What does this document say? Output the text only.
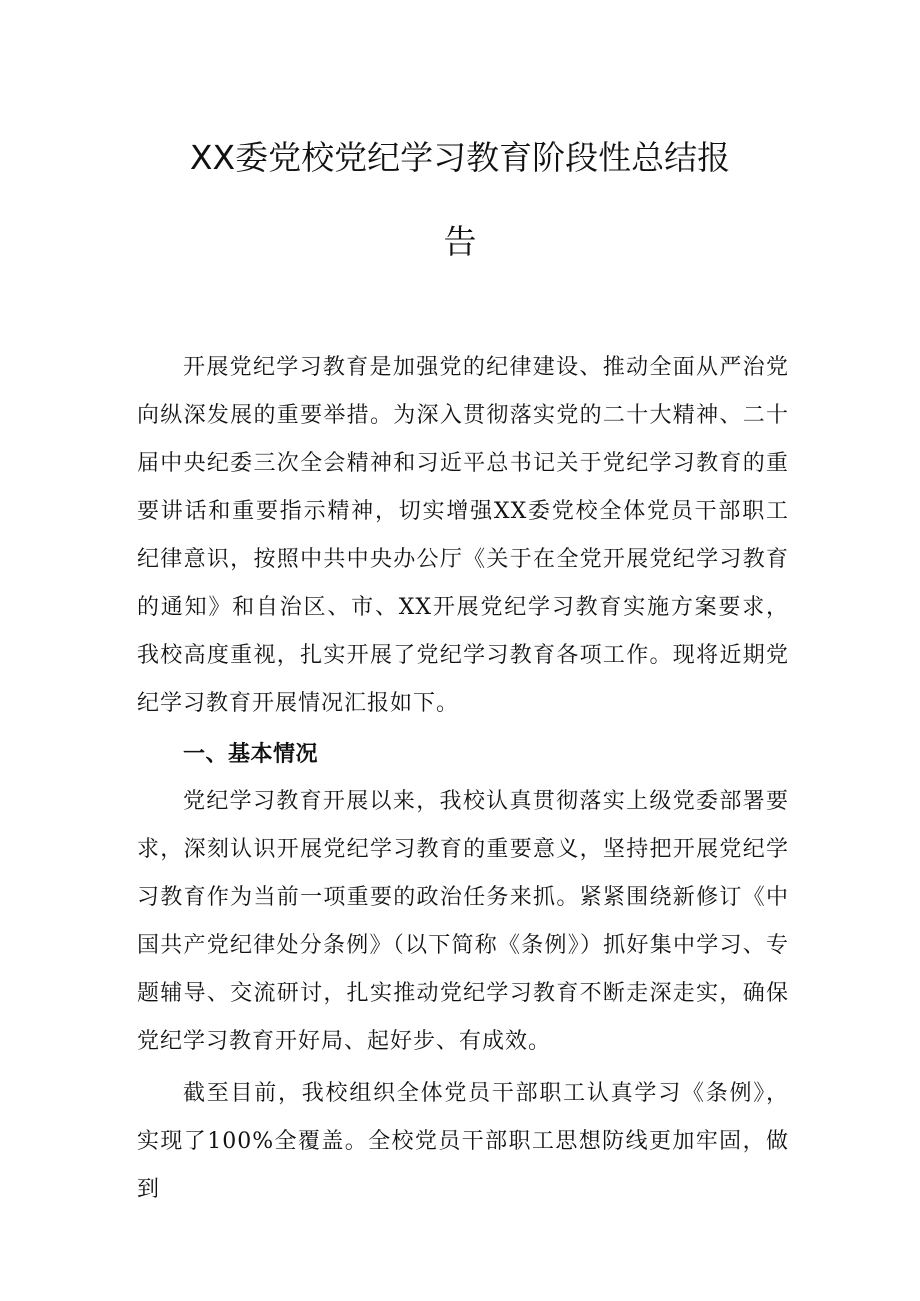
XX委党校党纪学习教育阶段性总结报
告

开展党纪学习教育是加强党的纪律建设、推动全面从严治党向纵深发展的重要举措。为深入贯彻落实党的二十大精神、二十届中央纪委三次全会精神和习近平总书记关于党纪学习教育的重要讲话和重要指示精神，切实增强XX委党校全体党员干部职工纪律意识，按照中共中央办公厅《关于在全党开展党纪学习教育的通知》和自治区、市、XX开展党纪学习教育实施方案要求，我校高度重视，扎实开展了党纪学习教育各项工作。现将近期党纪学习教育开展情况汇报如下。

一、基本情况

党纪学习教育开展以来，我校认真贯彻落实上级党委部署要求，深刻认识开展党纪学习教育的重要意义，坚持把开展党纪学习教育作为当前一项重要的政治任务来抓。紧紧围绕新修订《中国共产党纪律处分条例》（以下简称《条例》）抓好集中学习、专题辅导、交流研讨，扎实推动党纪学习教育不断走深走实，确保党纪学习教育开好局、起好步、有成效。

截至目前，我校组织全体党员干部职工认真学习《条例》，实现了100%全覆盖。全校党员干部职工思想防线更加牢固，做到
